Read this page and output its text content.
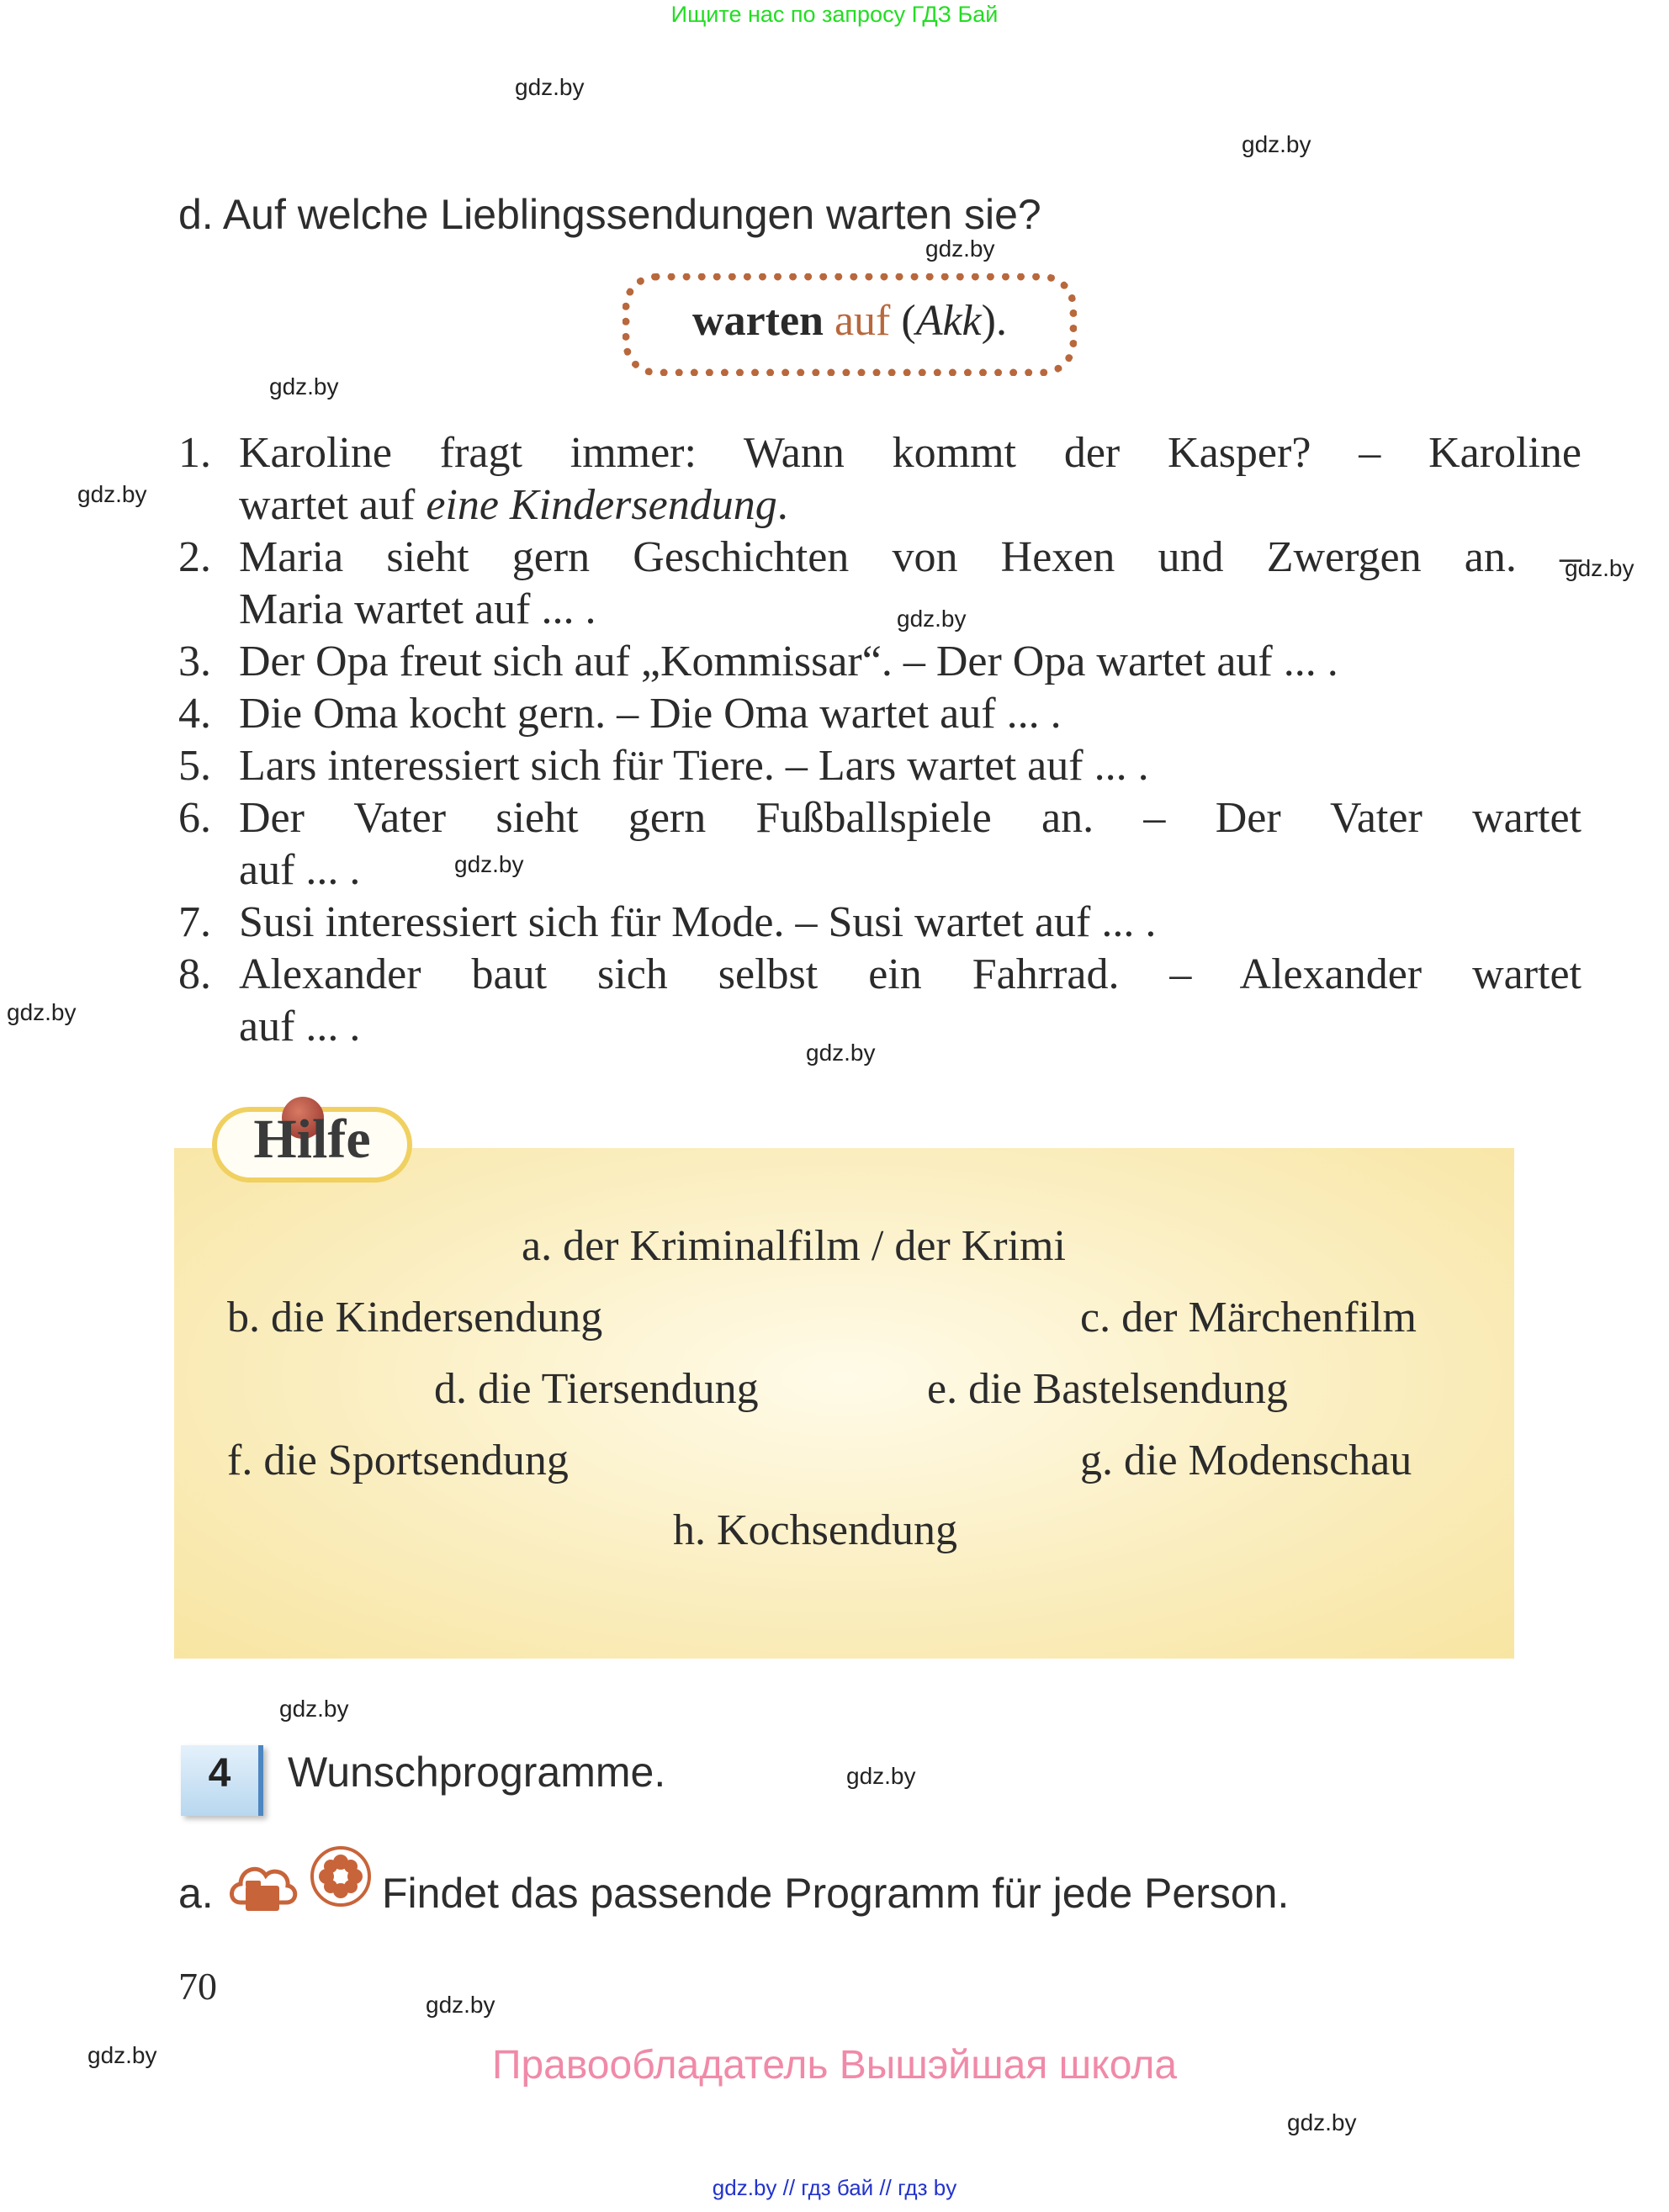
Ищите нас по запросу ГДЗ Бай
gdz.by
gdz.by
gdz.by
gdz.by
gdz.by
gdz.by
gdz.by
gdz.by
gdz.by
gdz.by
gdz.by
gdz.by
gdz.by
gdz.by
gdz.by
d. Auf welche Lieblingssendungen warten sie?
warten auf (Akk).
1. Karoline fragt immer: Wann kommt der Kasper? – Karoline
wartet auf eine Kindersendung.
2. Maria sieht gern Geschichten von Hexen und Zwergen an. –
Maria wartet auf ... .
3. Der Opa freut sich auf „Kommissar“. – Der Opa wartet auf ... .
4. Die Oma kocht gern. – Die Oma wartet auf ... .
5. Lars interessiert sich für Tiere. – Lars wartet auf ... .
6. Der Vater sieht gern Fußballspiele an. – Der Vater wartet
auf ... .
7. Susi interessiert sich für Mode. – Susi wartet auf ... .
8. Alexander baut sich selbst ein Fahrrad. – Alexander wartet
auf ... .
Hilfe
a. der Kriminalfilm / der Krimi
b. die Kindersendung	c. der Märchenfilm
d. die Tiersendung	e. die Bastelsendung
f. die Sportsendung	g. die Modenschau
h. Kochsendung
4	Wunschprogramme.
a.	Findet das passende Programm für jede Person.
70
Правообладатель Вышэйшая школа
gdz.by // гдз бай // гдз by
